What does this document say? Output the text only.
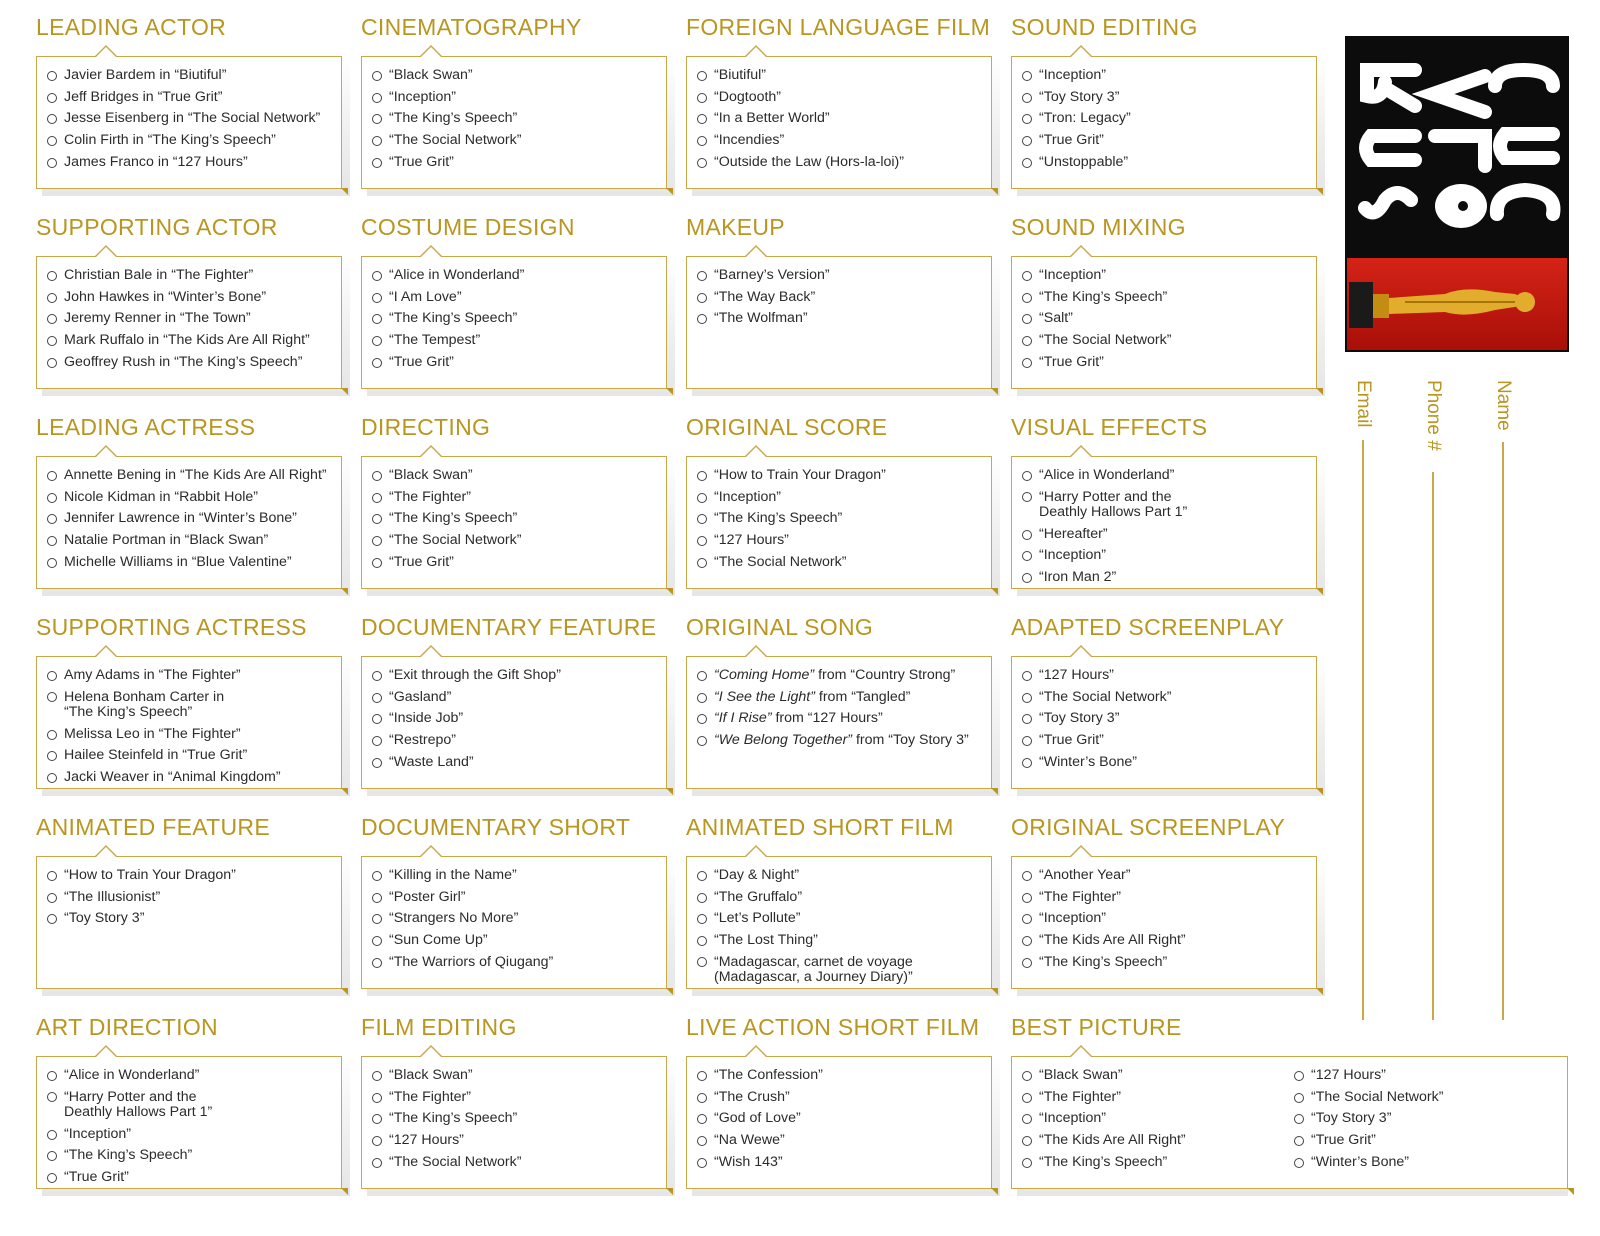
LEADING ACTOR
Javier Bardem in “Biutiful”
Jeff Bridges in “True Grit”
Jesse Eisenberg in “The Social Network”
Colin Firth in “The King’s Speech”
James Franco in “127 Hours”
CINEMATOGRAPHY
“Black Swan”
“Inception”
“The King’s Speech”
“The Social Network”
“True Grit”
FOREIGN LANGUAGE FILM
“Biutiful”
“Dogtooth”
“In a Better World”
“Incendies”
“Outside the Law (Hors-la-loi)”
SOUND EDITING
“Inception”
“Toy Story 3”
“Tron: Legacy”
“True Grit”
“Unstoppable”
SUPPORTING ACTOR
Christian Bale in “The Fighter”
John Hawkes in “Winter’s Bone”
Jeremy Renner in “The Town”
Mark Ruffalo in “The Kids Are All Right”
Geoffrey Rush in “The King’s Speech”
COSTUME DESIGN
“Alice in Wonderland”
“I Am Love”
“The King’s Speech”
“The Tempest”
“True Grit”
MAKEUP
“Barney’s Version”
“The Way Back”
“The Wolfman”
SOUND MIXING
“Inception”
“The King’s Speech”
“Salt”
“The Social Network”
“True Grit”
LEADING ACTRESS
Annette Bening in “The Kids Are All Right”
Nicole Kidman in “Rabbit Hole”
Jennifer Lawrence in “Winter’s Bone”
Natalie Portman in “Black Swan”
Michelle Williams in “Blue Valentine”
DIRECTING
“Black Swan”
“The Fighter”
“The King’s Speech”
“The Social Network”
“True Grit”
ORIGINAL SCORE
“How to Train Your Dragon”
“Inception”
“The King’s Speech”
“127 Hours”
“The Social Network”
VISUAL EFFECTS
“Alice in Wonderland”
“Harry Potter and the
Deathly Hallows Part 1”
“Hereafter”
“Inception”
“Iron Man 2”
SUPPORTING ACTRESS
Amy Adams in “The Fighter”
Helena Bonham Carter in
“The King’s Speech”
Melissa Leo in “The Fighter”
Hailee Steinfeld in “True Grit”
Jacki Weaver in “Animal Kingdom”
DOCUMENTARY FEATURE
“Exit through the Gift Shop”
“Gasland”
“Inside Job”
“Restrepo”
“Waste Land”
ORIGINAL SONG
“Coming Home” from “Country Strong”
“I See the Light” from “Tangled”
“If I Rise” from “127 Hours”
“We Belong Together” from “Toy Story 3”
ADAPTED SCREENPLAY
“127 Hours”
“The Social Network”
“Toy Story 3”
“True Grit”
“Winter’s Bone”
ANIMATED FEATURE
“How to Train Your Dragon”
“The Illusionist”
“Toy Story 3”
DOCUMENTARY SHORT
“Killing in the Name”
“Poster Girl”
“Strangers No More”
“Sun Come Up”
“The Warriors of Qiugang”
ANIMATED SHORT FILM
“Day & Night”
“The Gruffalo”
“Let’s Pollute”
“The Lost Thing”
“Madagascar, carnet de voyage
(Madagascar, a Journey Diary)”
ORIGINAL SCREENPLAY
“Another Year”
“The Fighter”
“Inception”
“The Kids Are All Right”
“The King’s Speech”
ART DIRECTION
“Alice in Wonderland”
“Harry Potter and the
Deathly Hallows Part 1”
“Inception”
“The King’s Speech”
“True Grit”
FILM EDITING
“Black Swan”
“The Fighter”
“The King’s Speech”
“127 Hours”
“The Social Network”
LIVE ACTION SHORT FILM
“The Confession”
“The Crush”
“God of Love”
“Na Wewe”
“Wish 143”
BEST PICTURE
“Black Swan”
“The Fighter”
“Inception”
“The Kids Are All Right”
“The King’s Speech”
“127 Hours”
“The Social Network”
“Toy Story 3”
“True Grit”
“Winter’s Bone”
Email	Phone #	Name
